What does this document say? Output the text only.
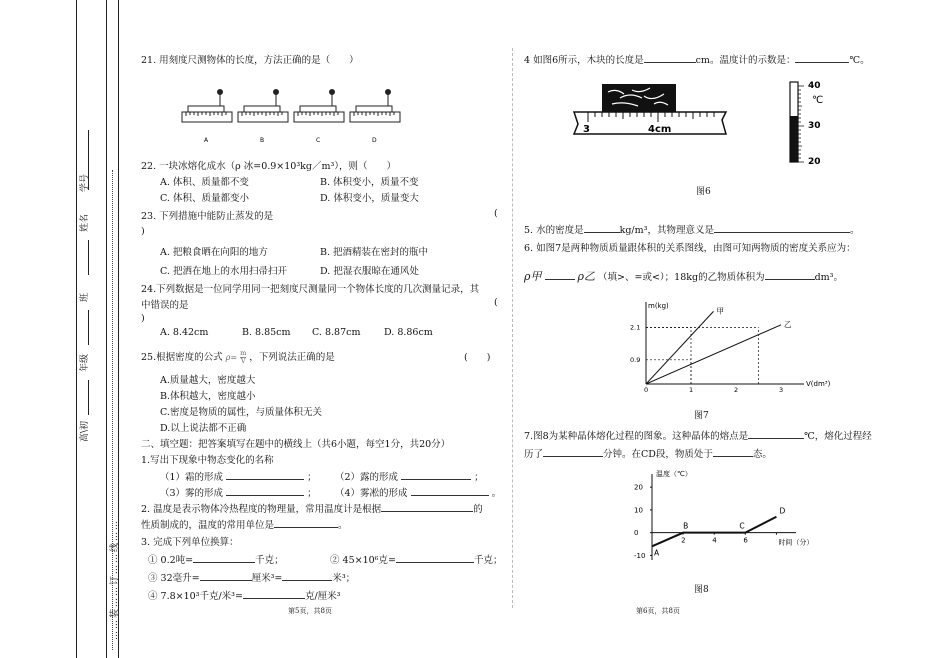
高\初
年级
班
姓名
学号
……装……订……线……
21. 用刻度尺测物体的长度，方法正确的是（　　）
A	B	C	D
22. 一块冰熔化成水（ρ 冰=0.9×10³kg／m³），则（　　）
A. 体积、质量都不变	B. 体积变小，质量不变
C. 体积、质量都变小	D. 体积变小，质量变大
23. 下列措施中能防止蒸发的是	(
)
A. 把粮食晒在向阳的地方	B. 把酒精装在密封的瓶中
C. 把洒在地上的水用扫帚扫开	D. 把湿衣服晾在通风处
24.下列数据是一位同学用同一把刻度尺测量同一个物体长度的几次测量记录，其
中错误的是	(
)
A. 8.42cm	B. 8.85cm C. 8.87cm D. 8.86cm
25.根据密度的公式 $\rho= \frac{m}{V}$ ，下列说法正确的是	(　　)
A.质量越大，密度越大
B.体积越大，密度越小
C.密度是物质的属性，与质量体积无关
D.以上说法都不正确
二、填空题：把答案填写在题中的横线上（共6小题，每空1分，共20分）
1.写出下现象中物态变化的名称
（1）霜的形成	； （2）露的形成	；
（3）雾的形成	； （4）雾凇的形成	。
2. 温度是表示物体冷热程度的物理量，常用温度计是根据	的
性质制成的，温度的常用单位是	。
3. 完成下列单位换算：
① 0.2吨=	千克；	② 45×10⁶克=	千克；
③ 32毫升=	厘米³=	米³；
④ 7.8×10³千克/米³=	克/厘米³
第5页，共8页
4 如图6所示，木块的长度是	cm。温度计的示数是：	℃。
3	4cm
40
℃
30
20
图6
5. 水的密度是	kg/m³，其物理意义是	。
6. 如图7是两种物质质量跟体积的关系图线，由图可知两物质的密度关系应为：
ρ甲	ρ乙 （填>、=或<）；18kg的乙物质体积为	dm³。
m(kg)
V(dm³)
0	1	2	3
0.9
2.1
甲
乙
图7
7.图8为某种晶体熔化过程的图象。这种晶体的熔点是	℃，熔化过程经
历了	分钟。在CD段，物质处于	态。
温度（℃）
时间（分）
-10
0
10
20
2	4	6
A
B	C
D
图8
第6页，共8页
